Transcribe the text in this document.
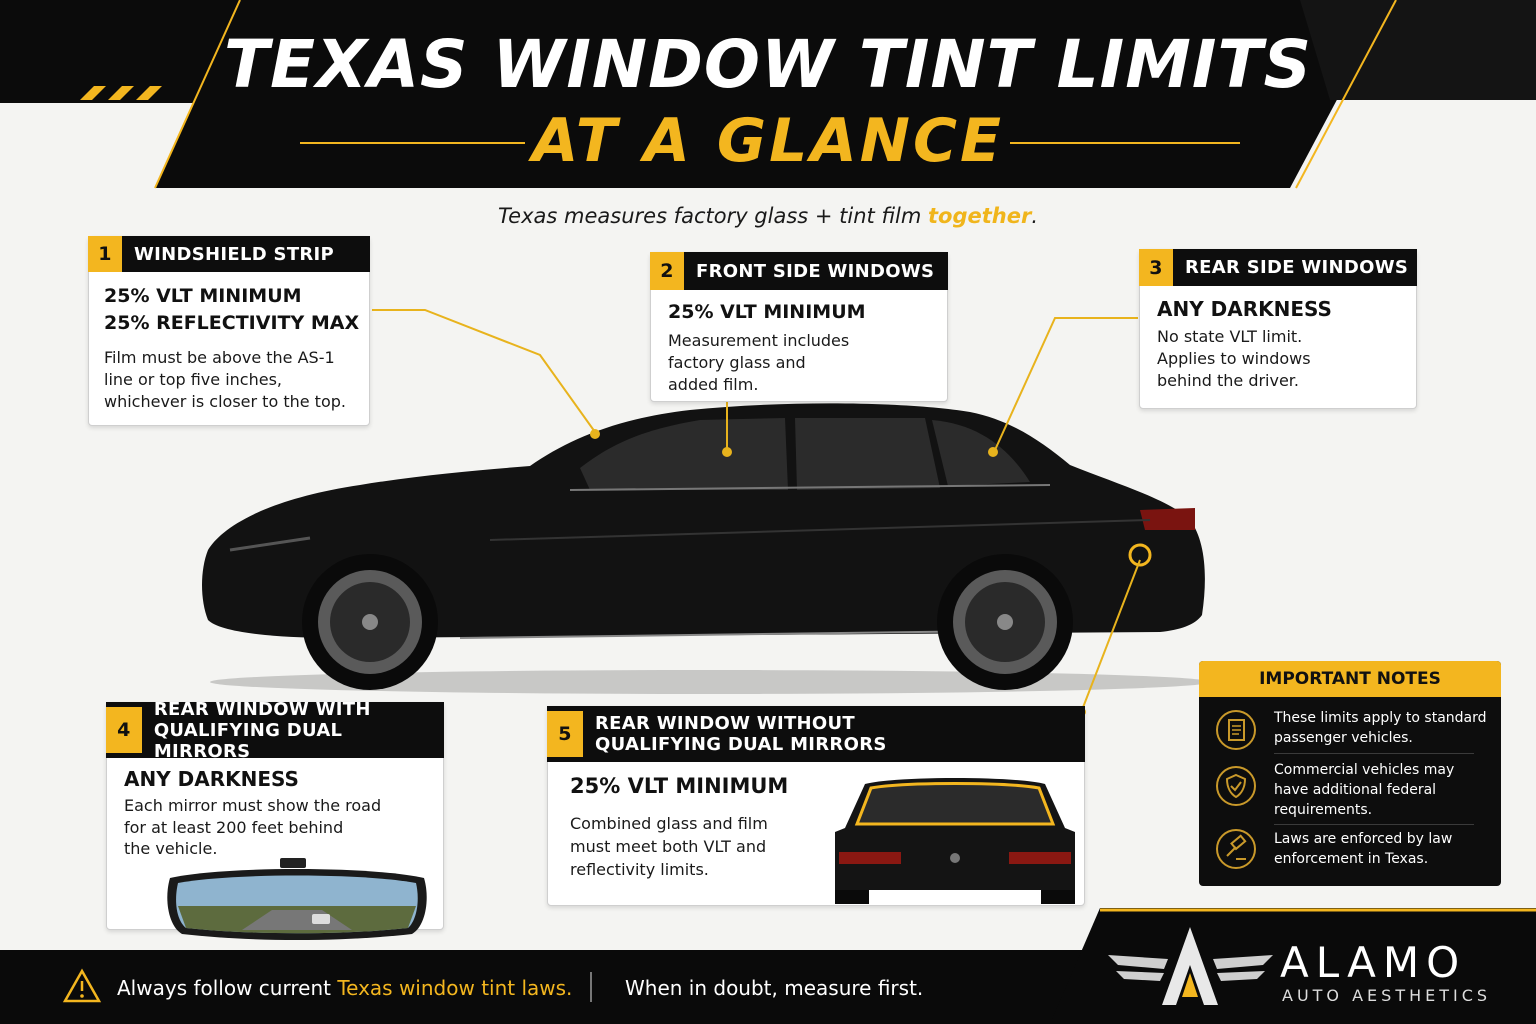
TEXAS WINDOW TINT LIMITS
AT A GLANCE
Texas measures factory glass + tint film together.
1	WINDSHIELD STRIP
25% VLT MINIMUM
25% REFLECTIVITY MAX
Film must be above the AS-1
line or top five inches,
whichever is closer to the top.
2	FRONT SIDE WINDOWS
25% VLT MINIMUM
Measurement includes
factory glass and
added film.
3	REAR SIDE WINDOWS
ANY DARKNESS
No state VLT limit.
Applies to windows
behind the driver.
4
REAR WINDOW WITH
QUALIFYING DUAL MIRRORS
ANY DARKNESS
Each mirror must show the road
for at least 200 feet behind
the vehicle.
5	REAR WINDOW WITHOUT
QUALIFYING DUAL MIRRORS
25% VLT MINIMUM
Combined glass and film
must meet both VLT and
reflectivity limits.
IMPORTANT NOTES
These limits apply to standard
passenger vehicles.
Commercial vehicles may
have additional federal
requirements.
Laws are enforced by law
enforcement in Texas.
Always follow current Texas window tint laws.	When in doubt, measure first.
ALAMO
AUTO AESTHETICS
